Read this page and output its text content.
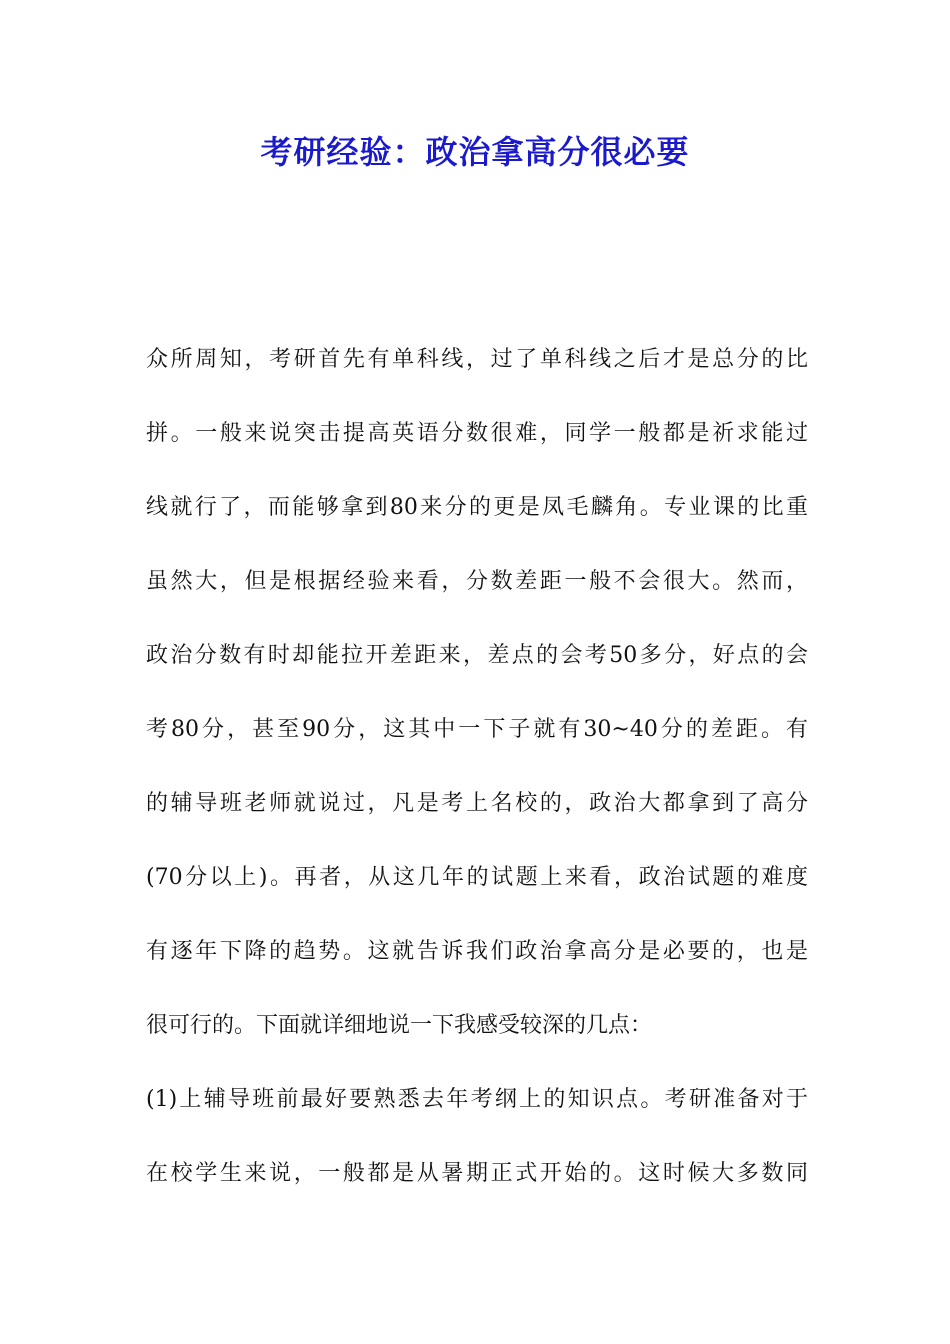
考研经验：政治拿高分很必要
众所周知，考研首先有单科线，过了单科线之后才是总分的比
拼。一般来说突击提高英语分数很难，同学一般都是祈求能过
线就行了，而能够拿到80来分的更是凤毛麟角。专业课的比重
虽然大，但是根据经验来看，分数差距一般不会很大。然而，
政治分数有时却能拉开差距来，差点的会考50多分，好点的会
考80分，甚至90分，这其中一下子就有30~40分的差距。有
的辅导班老师就说过，凡是考上名校的，政治大都拿到了高分
(70分以上)。再者，从这几年的试题上来看，政治试题的难度
有逐年下降的趋势。这就告诉我们政治拿高分是必要的，也是
很可行的。下面就详细地说一下我感受较深的几点：
(1)上辅导班前最好要熟悉去年考纲上的知识点。考研准备对于
在校学生来说，一般都是从暑期正式开始的。这时候大多数同
